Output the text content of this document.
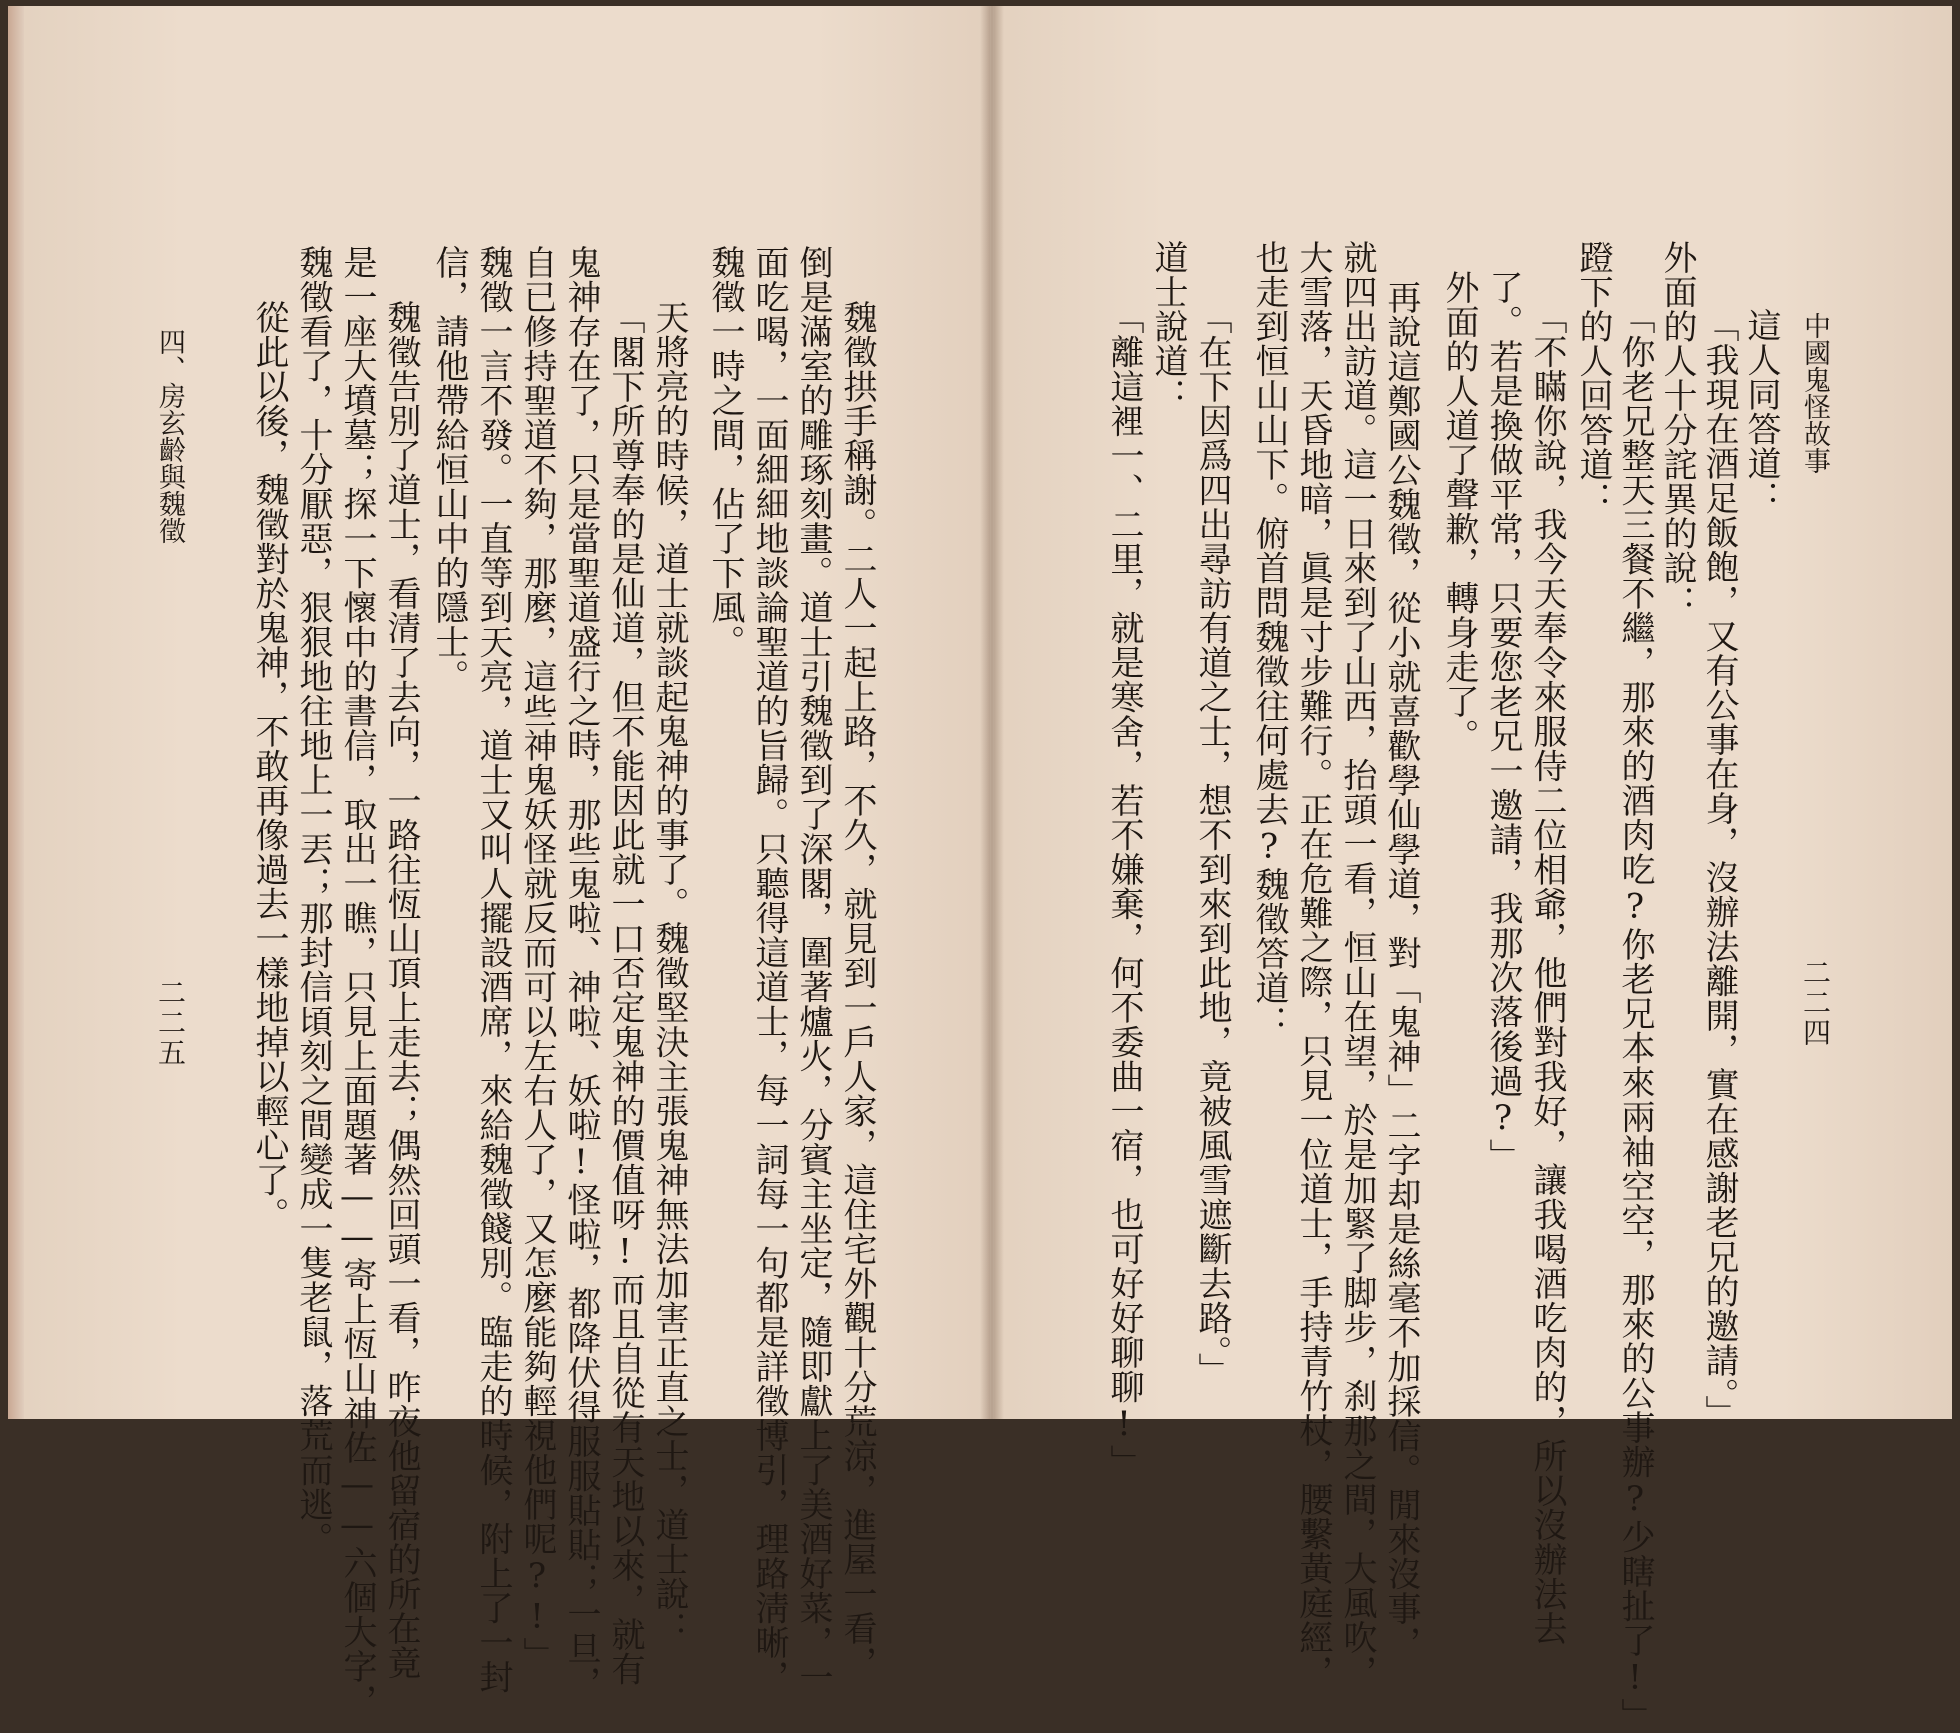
中國鬼怪故事
二二四
這人同答道：
「我現在酒足飯飽，又有公事在身，沒辦法離開，實在感謝老兄的邀請。」
外面的人十分詫異的說：
「你老兄整天三餐不繼，那來的酒肉吃?你老兄本來兩袖空空，那來的公事辦?少瞎扯了!」
蹬下的人回答道：
「不瞞你說，我今天奉令來服侍二位相爺，他們對我好，讓我喝酒吃肉的，所以沒辦法去
了。若是換做平常，只要您老兄一邀請，我那次落後過?」
外面的人道了聲歉，轉身走了。
再說這鄭國公魏徵，從小就喜歡學仙學道，對「鬼神」二字却是絲毫不加採信。閒來沒事，
就四出訪道。這一日來到了山西，抬頭一看，恒山在望，於是加緊了脚步，刹那之間，大風吹，
大雪落，天昏地暗，眞是寸步難行。正在危難之際，只見一位道士，手持青竹杖，腰繫黃庭經，
也走到恒山山下。俯首問魏徵往何處去?魏徵答道：
「在下因爲四出尋訪有道之士，想不到來到此地，竟被風雪遮斷去路。」
道士說道：
「離這裡一、二里，就是寒舍，若不嫌棄，何不委曲一宿，也可好好聊聊!」
魏徵拱手稱謝。二人一起上路，不久，就見到一戶人家，這住宅外觀十分荒涼，進屋一看，
倒是滿室的雕琢刻畫。道士引魏徵到了深閣，圍著爐火，分賓主坐定，隨即獻上了美酒好菜，一
面吃喝，一面細細地談論聖道的旨歸。只聽得這道士，每一詞每一句都是詳徵博引，理路淸晰，
魏徵一時之間，佔了下風。
天將亮的時候，道士就談起鬼神的事了。魏徵堅決主張鬼神無法加害正直之士，道士說：
「閣下所尊奉的是仙道，但不能因此就一口否定鬼神的價值呀!而且自從有天地以來，就有
鬼神存在了，只是當聖道盛行之時，那些鬼啦、神啦、妖啦!怪啦，都降伏得服服貼貼；一旦，
自已修持聖道不夠，那麼，這些神鬼妖怪就反而可以左右人了，又怎麼能夠輕視他們呢?!」
魏徵一言不發。一直等到天亮，道士又叫人擺設酒席，來給魏徵餞別。臨走的時候，附上了一封
信，請他帶給恒山中的隱士。
魏徵告別了道士，看清了去向，一路往恆山頂上走去；偶然回頭一看，昨夜他留宿的所在竟
是一座大墳墓；探一下懷中的書信，取出一瞧，只見上面題著——寄上恆山神佐——六個大字，
魏徵看了，十分厭惡，狠狠地往地上一丟；那封信頃刻之間變成一隻老鼠，落荒而逃。
從此以後，魏徵對於鬼神，不敢再像過去一樣地掉以輕心了。
四、房玄齡與魏徵
二二五
